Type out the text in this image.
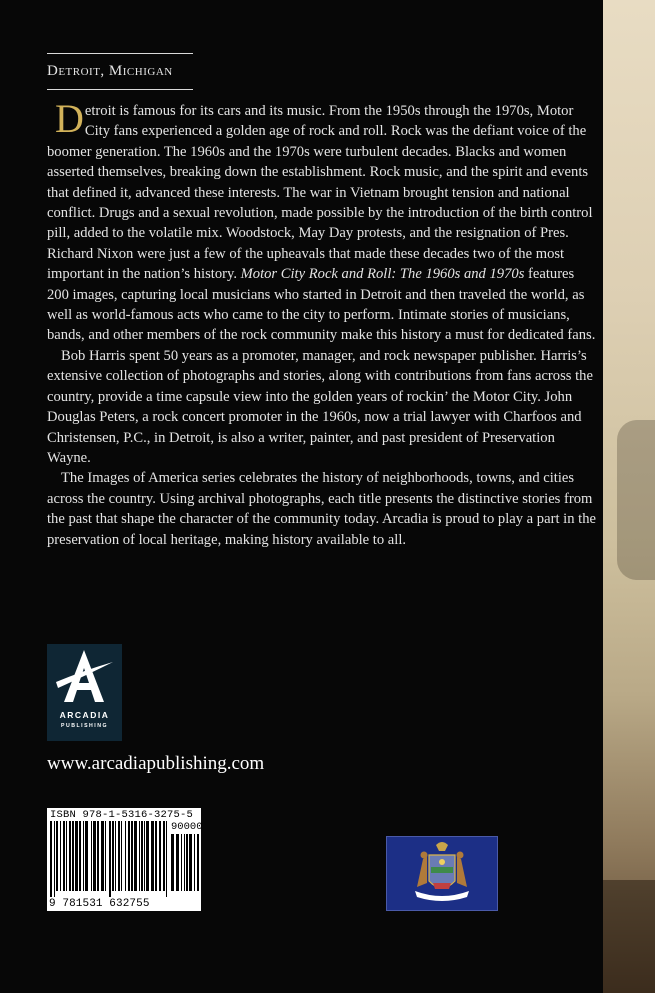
Detroit, Michigan

Detroit is famous for its cars and its music. From the 1950s through the 1970s, Motor City fans experienced a golden age of rock and roll. Rock was the defiant voice of the boomer generation. The 1960s and the 1970s were turbulent decades. Blacks and women asserted themselves, breaking down the establishment. Rock music, and the spirit and events that defined it, advanced these interests. The war in Vietnam brought tension and national conflict. Drugs and a sexual revolution, made possible by the introduction of the birth control pill, added to the volatile mix. Woodstock, May Day protests, and the resignation of Pres. Richard Nixon were just a few of the upheavals that made these decades two of the most important in the nation’s history. Motor City Rock and Roll: The 1960s and 1970s features 200 images, capturing local musicians who started in Detroit and then traveled the world, as well as world-famous acts who came to the city to perform. Intimate stories of musicians, bands, and other members of the rock community make this history a must for dedicated fans.

Bob Harris spent 50 years as a promoter, manager, and rock newspaper publisher. Harris’s extensive collection of photographs and stories, along with contributions from fans across the country, provide a time capsule view into the golden years of rockin’ the Motor City. John Douglas Peters, a rock concert promoter in the 1960s, now a trial lawyer with Charfoos and Christensen, P.C., in Detroit, is also a writer, painter, and past president of Preservation Wayne.

The Images of America series celebrates the history of neighborhoods, towns, and cities across the country. Using archival photographs, each title presents the distinctive stories from the past that shape the character of the community today. Arcadia is proud to play a part in the preservation of local heritage, making history available to all.

ARCADIA
PUBLISHING
www.arcadiapublishing.com
ISBN 978-1-5316-3275-5
90000
9 781531 632755
